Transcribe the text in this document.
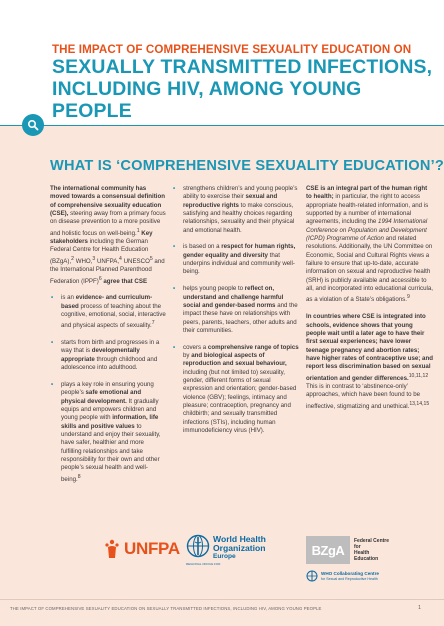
THE IMPACT OF COMPREHENSIVE SEXUALITY EDUCATION ON
SEXUALLY TRANSMITTED INFECTIONS, INCLUDING HIV, AMONG YOUNG PEOPLE
WHAT IS ‘COMPREHENSIVE SEXUALITY EDUCATION’?

The international community has moved towards a consensual definition of comprehensive sexuality education (CSE), steering away from a primary focus on disease prevention to a more positive and holistic focus on well-being.$^1$ Key stakeholders including the German Federal Centre for Health Education (BZgA),$^2$ WHO,$^3$ UNFPA,$^4$ UNESCO$^5$ and the International Planned Parenthood Federation (IPPF)$^6$ agree that CSE

• is an evidence- and curriculum-based process of teaching about the cognitive, emotional, social, interactive and physical aspects of sexuality.$^7$
• starts from birth and progresses in a way that is developmentally appropriate through childhood and adolescence into adulthood.
• plays a key role in ensuring young people’s safe emotional and physical development. It gradually equips and empowers children and young people with information, life skills and positive values to understand and enjoy their sexuality, have safer, healthier and more fulfilling relationships and take responsibility for their own and other people’s sexual health and well-being.$^8$
• strengthens children’s and young people’s ability to exercise their sexual and reproductive rights to make conscious, satisfying and healthy choices regarding relationships, sexuality and their physical and emotional health.
• is based on a respect for human rights, gender equality and diversity that underpins individual and community well-being.
• helps young people to reflect on, understand and challenge harmful social and gender-based norms and the impact these have on relationships with peers, parents, teachers, other adults and their communities.
• covers a comprehensive range of topics by and biological aspects of reproduction and sexual behaviour, including (but not limited to) sexuality, gender, different forms of sexual expression and orientation; gender-based violence (GBV); feelings, intimacy and pleasure; contraception, pregnancy and childbirth; and sexually transmitted infections (STIs), including human immunodeficiency virus (HIV).

CSE is an integral part of the human right to health; in particular, the right to access appropriate health-related information, and is supported by a number of international agreements, including the 1994 International Conference on Population and Development (ICPD) Programme of Action and related resolutions. Additionally, the UN Committee on Economic, Social and Cultural Rights views a failure to ensure that up-to-date, accurate information on sexual and reproductive health (SRH) is publicly available and accessible to all, and incorporated into educational curricula, as a violation of a State’s obligations.$^9$

In countries where CSE is integrated into schools, evidence shows that young people wait until a later age to have their first sexual experiences; have lower teenage pregnancy and abortion rates; have higher rates of contraceptive use; and report less discrimination based on sexual orientation and gender differences.$^{10,11,12}$ This is in contrast to ‘abstinence-only’ approaches, which have been found to be ineffective, stigmatizing and unethical.$^{13,14,15}$

UNFPA	World Health
Organization
REGIONAL OFFICE FOR
Europe	BZgA
Federal Centre
for
Health
Education
WHO Collaborating Centre
for Sexual and Reproductive Health
THE IMPACT OF COMPREHENSIVE SEXUALITY EDUCATION ON SEXUALLY TRANSMITTED INFECTIONS, INCLUDING HIV, AMONG YOUNG PEOPLE	1
